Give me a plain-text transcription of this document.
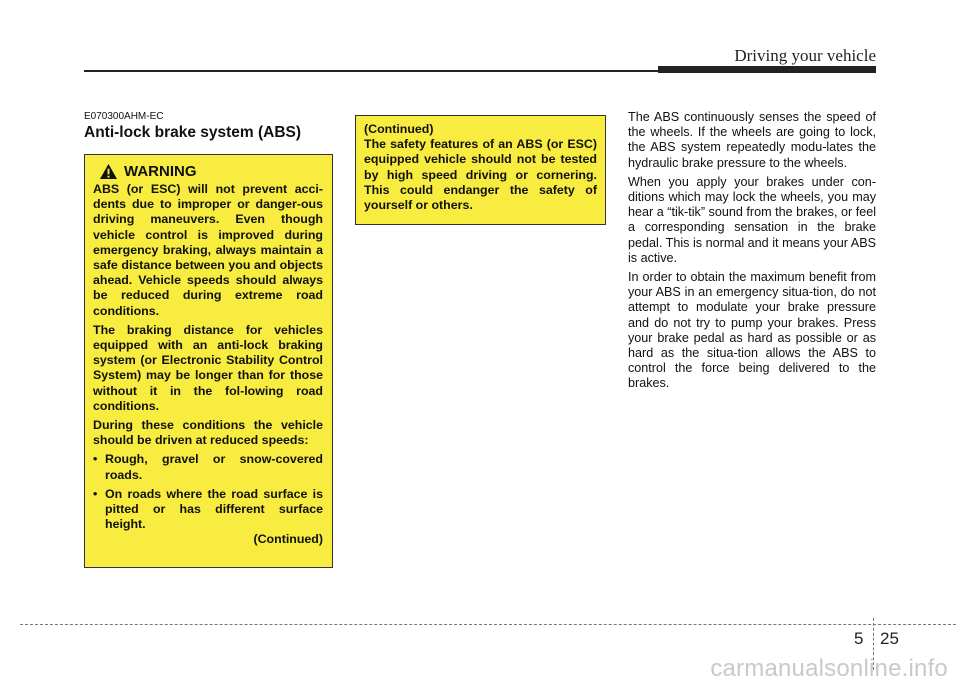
Driving your vehicle
E070300AHM-EC
Anti-lock brake system (ABS)
WARNING

ABS (or ESC) will not prevent acci-dents due to improper or danger-ous driving maneuvers. Even though vehicle control is improved during emergency braking, always maintain a safe distance between you and objects ahead. Vehicle speeds should always be reduced during extreme road conditions.

The braking distance for vehicles equipped with an anti-lock braking system (or Electronic Stability Control System) may be longer than for those without it in the fol-lowing road conditions.

During these conditions the vehicle should be driven at reduced speeds:

• Rough, gravel or snow-covered roads.
• On roads where the road surface is pitted or has different surface height.
(Continued)

(Continued)

The safety features of an ABS (or ESC) equipped vehicle should not be tested by high speed driving or cornering. This could endanger the safety of yourself or others.

The ABS continuously senses the speed of the wheels. If the wheels are going to lock, the ABS system repeatedly modu-lates the hydraulic brake pressure to the wheels.

When you apply your brakes under con-ditions which may lock the wheels, you may hear a “tik-tik” sound from the brakes, or feel a corresponding sensation in the brake pedal. This is normal and it means your ABS is active.

In order to obtain the maximum benefit from your ABS in an emergency situa-tion, do not attempt to modulate your brake pressure and do not try to pump your brakes. Press your brake pedal as hard as possible or as hard as the situa-tion allows the ABS to control the force being delivered to the brakes.

5 25
carmanualsonline.info
